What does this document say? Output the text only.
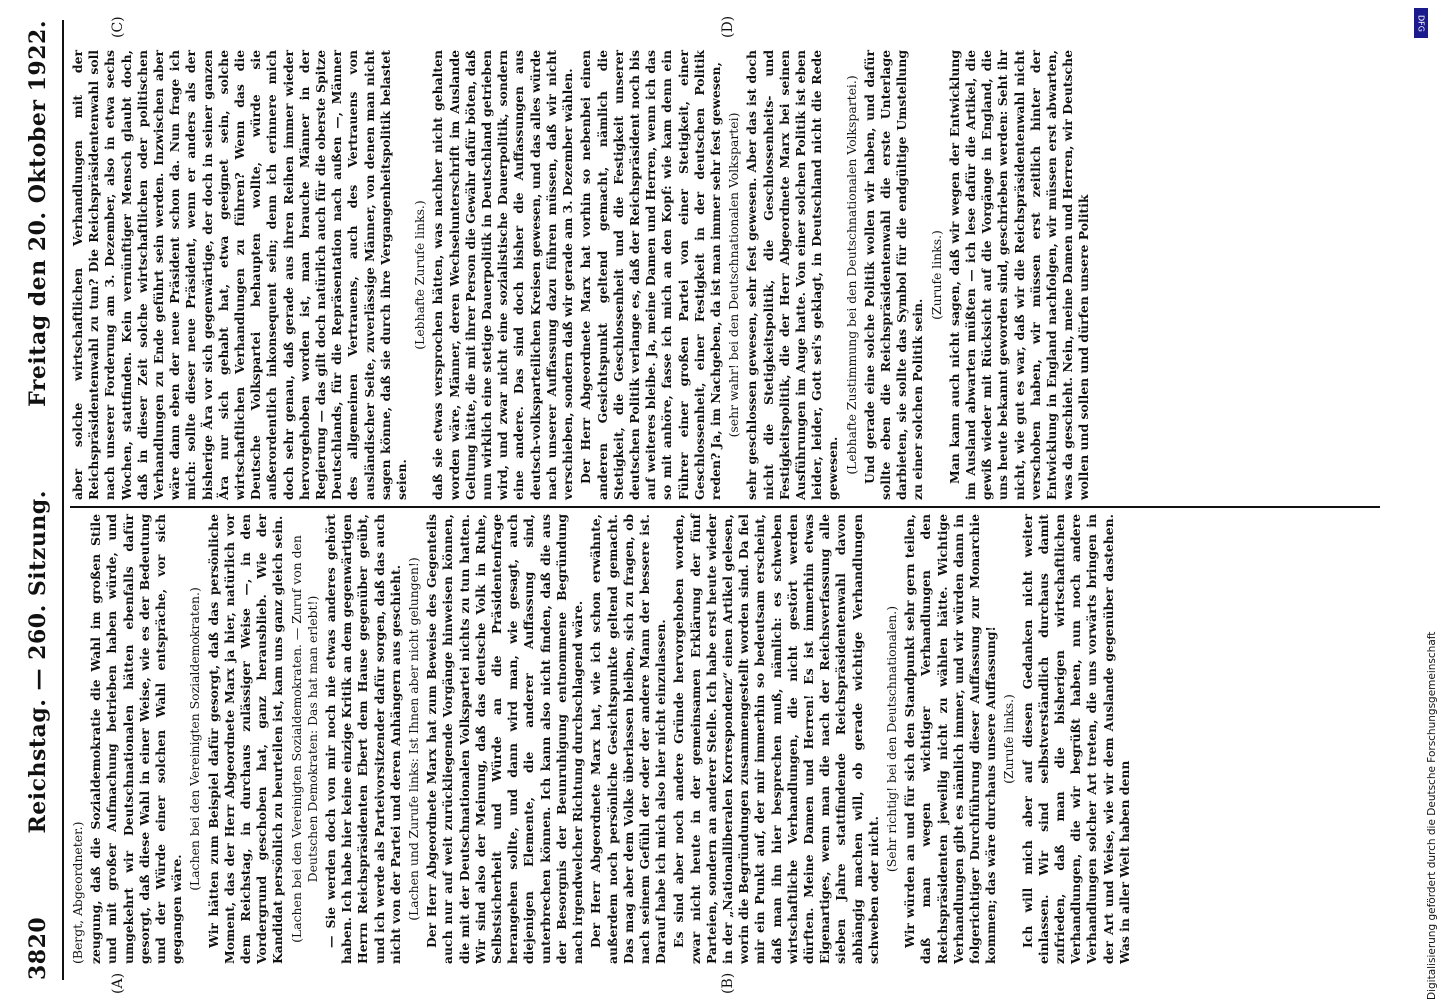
3820
Reichstag. — 260. Sitzung.
Freitag den 20. Oktober 1922.
(A)	(B)
(C)	(D)

(Bergt, Abgeordneter.) zeugung, daß die Sozialdemokratie die Wahl im großen Stile und mit großer Aufmachung betrieben haben würde, und umgekehrt wir Deutschnationalen hätten ebenfalls dafür gesorgt, daß diese Wahl in einer Weise, wie es der Bedeutung und der Würde einer solchen Wahl entspräche, vor sich gegangen wäre.

(Lachen bei den Vereinigten Sozialdemokraten.) Wir hätten zum Beispiel dafür gesorgt, daß das persönliche Moment, das der Herr Abgeordnete Marx ja hier, natürlich vor dem Reichstag, in durchaus zulässiger Weise —, in den Vordergrund geschoben hat, ganz herausblieb. Wie der Kandidat persönlich zu beurteilen ist, kam uns ganz gleich sein. (Lachen bei den Vereinigten Sozialdemokraten. — Zuruf von den Deutschen Demokraten: Das hat man erlebt!) — Sie werden doch von mir noch nie etwas anderes gehört haben. Ich habe hier keine einzige Kritik an dem gegenwärtigen Herrn Reichspräsidenten Ebert dem Hause gegenüber geübt, und ich werde als Parteivorsitzender dafür sorgen, daß das auch nicht von der Partei und deren Anhängern aus geschieht. (Lachen und Zurufe links: Ist Ihnen aber nicht gelungen!) Der Herr Abgeordnete Marx hat zum Beweise des Gegenteils auch nur auf weit zurückliegende Vorgänge hinweisen können, die mit der Deutschnationalen Volkspartei nichts zu tun hatten. Wir sind also der Meinung, daß das deutsche Volk in Ruhe, Selbstsicherheit und Würde an die Präsidentenfrage herangehen sollte, und dann wird man, wie gesagt, auch diejenigen Elemente, die anderer Auffassung sind, unterbrechen können. Ich kann also nicht finden, daß die aus der Besorgnis der Beunruhigung entnommene Begründung nach irgendwelcher Richtung durchschlagend wäre. Der Herr Abgeordnete Marx hat, wie ich schon erwähnte, außerdem noch persönliche Gesichtspunkte geltend gemacht. Das mag aber dem Volke überlassen bleiben, sich zu fragen, ob nach seinem Gefühl der oder der andere Mann der bessere ist. Darauf habe ich mich also hier nicht einzulassen. Es sind aber noch andere Gründe hervorgehoben worden, zwar nicht heute in der gemeinsamen Erklärung der fünf Parteien, sondern an anderer Stelle. Ich habe erst heute wieder in der „Nationalliberalen Korrespondenz“ einen Artikel gelesen, worin die Begründungen zusammengestellt worden sind. Da fiel mir ein Punkt auf, der mir immerhin so bedeutsam erscheint, daß man ihn hier besprechen muß, nämlich: es schweben wirtschaftliche Verhandlungen, die nicht gestört werden dürften. Meine Damen und Herren! Es ist immerhin etwas Eigenartiges, wenn man die nach der Reichsverfassung alle sieben Jahre stattfindende Reichspräsidentenwahl davon abhängig machen will, ob gerade wichtige Verhandlungen schweben oder nicht.

(Sehr richtig! bei den Deutschnationalen.) Wir würden an und für sich den Standpunkt sehr gern teilen, daß man wegen wichtiger Verhandlungen den Reichspräsidenten jeweilig nicht zu wählen hätte. Wichtige Verhandlungen gibt es nämlich immer, und wir würden dann in folgerichtiger Durchführung dieser Auffassung zur Monarchie kommen; das wäre durchaus unsere Auffassung! (Zurufe links.) Ich will mich aber auf diesen Gedanken nicht weiter einlassen. Wir sind selbstverständlich durchaus damit zufrieden, daß man die bisherigen wirtschaftlichen Verhandlungen, die wir begrüßt haben, nun noch andere Verhandlungen solcher Art treten, die uns vorwärts bringen in der Art und Weise, wie wir dem Auslande gegenüber dastehen. Was in aller Welt haben denn

aber solche wirtschaftlichen Verhandlungen mit der Reichspräsidentenwahl zu tun? Die Reichspräsidentenwahl soll nach unserer Forderung am 3. Dezember, also in etwa sechs Wochen, stattfinden. Kein vernünftiger Mensch glaubt doch, daß in dieser Zeit solche wirtschaftlichen oder politischen Verhandlungen zu Ende geführt sein werden. Inzwischen aber wäre dann eben der neue Präsident schon da. Nun frage ich mich: sollte dieser neue Präsident, wenn er anders als der bisherige Ära vor sich gegenwärtige, der doch in seiner ganzen Ära nur sich gehabt hat, etwa geeignet sein, solche wirtschaftlichen Verhandlungen zu führen? Wenn das die Deutsche Volkspartei behaupten wollte, würde sie außerordentlich inkonsequent sein; denn ich erinnere mich doch sehr genau, daß gerade aus ihren Reihen immer wieder hervorgehoben worden ist, man brauche Männer in der Regierung — das gilt doch natürlich auch für die oberste Spitze Deutschlands, für die Repräsentation nach außen —, Männer des allgemeinen Vertrauens, auch des Vertrauens von ausländischer Seite, zuverlässige Männer, von denen man nicht sagen könne, daß sie durch ihre Vergangenheitspolitik belastet seien.

(Lebhafte Zurufe links.) daß sie etwas versprochen hätten, was nachher nicht gehalten worden wäre, Männer, deren Wechselunterschrift im Auslande Geltung hätte, die mit ihrer Person die Gewähr dafür böten, daß nun wirklich eine stetige Dauerpolitik in Deutschland getrieben wird, und zwar nicht eine sozialistische Dauerpolitik, sondern eine andere. Das sind doch bisher die Auffassungen aus deutsch-volksparteilichen Kreisen gewesen, und das alles würde nach unserer Auffassung dazu führen müssen, daß wir nicht verschieben, sondern daß wir gerade am 3. Dezember wählen. Der Herr Abgeordnete Marx hat vorhin so nebenbei einen anderen Gesichtspunkt geltend gemacht, nämlich die Stetigkeit, die Geschlossenheit und die Festigkeit unserer deutschen Politik verlange es, daß der Reichspräsident noch bis auf weiteres bleibe. Ja, meine Damen und Herren, wenn ich das so mit anhöre, fasse ich mich an den Kopf: wie kam denn ein Führer einer großen Partei von einer Stetigkeit, einer Geschlossenheit, einer Festigkeit in der deutschen Politik reden? Ja, im Nachgeben, da ist man immer sehr fest gewesen, (sehr wahr! bei den Deutschnationalen Volkspartei) sehr geschlossen gewesen, sehr fest gewesen. Aber das ist doch nicht die Stetigkeitspolitik, die Geschlossenheits- und Festigkeitspolitik, die der Herr Abgeordnete Marx bei seinen Ausführungen im Auge hatte. Von einer solchen Politik ist eben leider, leider, Gott sei's geklagt, in Deutschland nicht die Rede gewesen. (Lebhafte Zustimmung bei den Deutschnationalen Volkspartei.) Und gerade eine solche Politik wollen wir haben, und dafür sollte eben die Reichspräsidentenwahl die erste Unterlage darbieten, sie sollte das Symbol für die endgültige Umstellung zu einer solchen Politik sein.

(Zurufe links.) Man kann auch nicht sagen, daß wir wegen der Entwicklung im Ausland abwarten müßten — ich lese dafür die Artikel, die gewiß wieder mit Rücksicht auf die Vorgänge in England, die uns heute bekannt geworden sind, geschrieben werden: Seht ihr nicht, wie gut es war, daß wir die Reichspräsidentenwahl nicht verschoben haben, wir müssen erst zeitlich hinter der Entwicklung in England nachfolgen, wir müssen erst abwarten, was da geschieht. Nein, meine Damen und Herren, wir Deutsche wollen und sollen und dürfen unsere Politik

DFG
Digitalisierung gefördert durch die Deutsche Forschungsgemeinschaft
